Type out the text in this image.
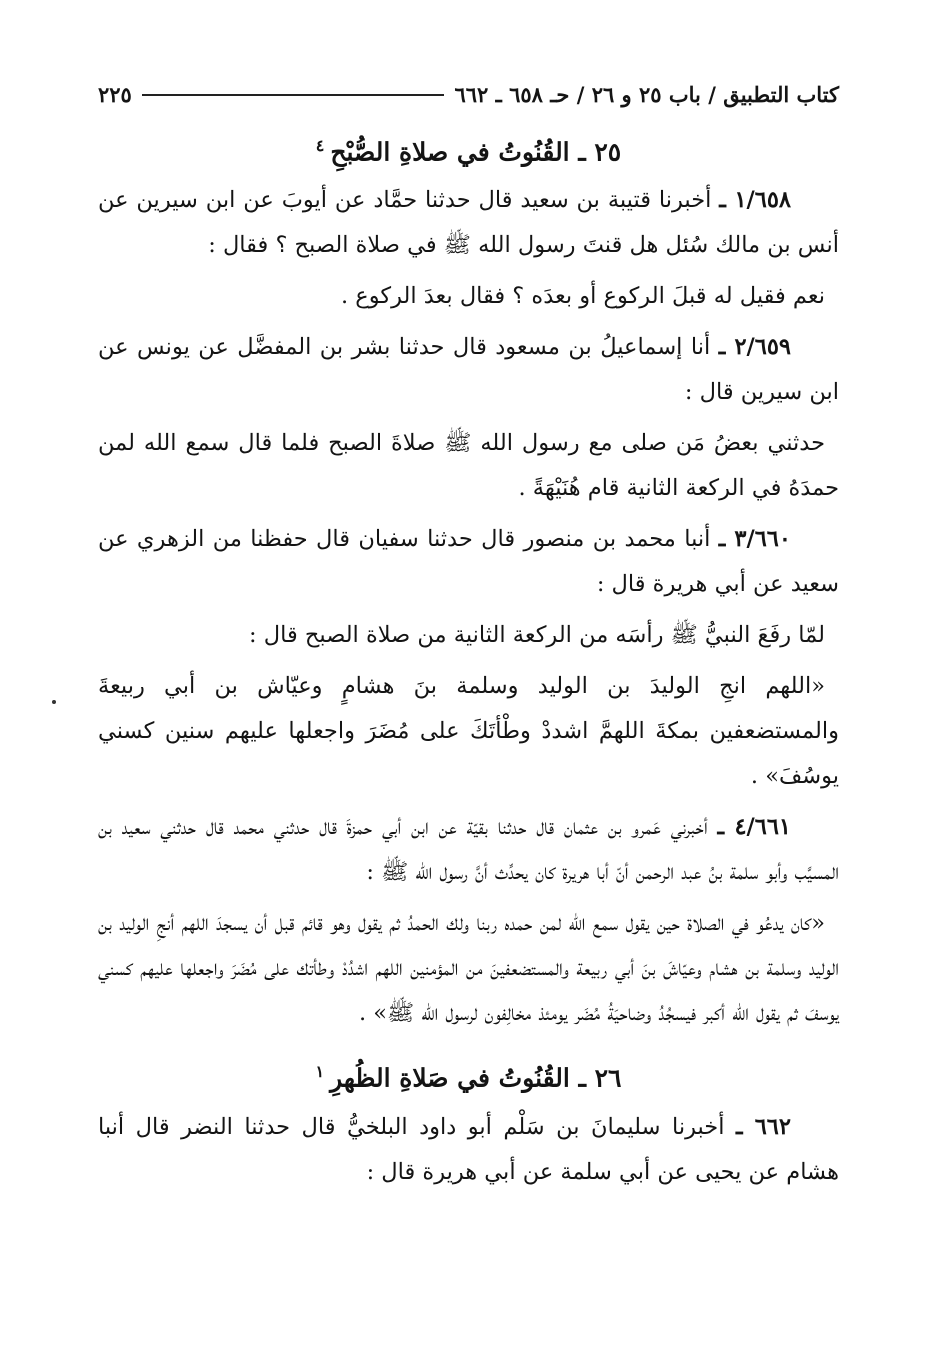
كتاب التطبيق / باب ٢٥ و ٢٦ / حـ ٦٥٨ ـ ٦٦٢
٢٢٥
٢٥ ـ القُنُوتُ في صلاةِ الصُّبْحِ$^٤$

١/٦٥٨ ـ أخبرنا قتيبة بن سعيد قال حدثنا حمَّاد عن أيوبَ عن ابن سيرين عن أنس بن مالك سُئل هل قنتَ رسول الله ﷺ في صلاة الصبح ؟ فقال :

نعم فقيل له قبلَ الركوع أو بعدَه ؟ فقال بعدَ الركوع .

٢/٦٥٩ ـ أنا إسماعيلُ بن مسعود قال حدثنا بشر بن المفضَّل عن يونس عن ابن سيرين قال :

حدثني بعضُ مَن صلى مع رسول الله ﷺ صلاةَ الصبح فلما قال سمع الله لمن حمدَهُ في الركعة الثانية قام هُنَيْهَةً .

٣/٦٦٠ ـ أنبا محمد بن منصور قال حدثنا سفيان قال حفظنا من الزهري عن سعيد عن أبي هريرة قال :

لمّا رفَعَ النبيُّ ﷺ رأسَه من الركعة الثانية من صلاة الصبح قال :

«اللهم انجِ الوليدَ بن الوليد وسلمة بنَ هشامٍ وعيّاش بن أبي ربيعةَ والمستضعفين بمكةَ اللهمَّ اشددْ وطْأتَكَ على مُضَرَ واجعلها عليهم سنين كسني يوسُفَ» .

٤/٦٦١ ـ أخبرني عَمرو بن عثمان قال حدثنا بقيّة عن ابن أبي حمزةَ قال حدثني محمد قال حدثني سعيد بن المسيَّب وأبو سلمة بنُ عبد الرحمن أنّ أبا هريرة كان يحدِّث أنَّ رسول الله ﷺ :

«كان يدعُو في الصلاة حين يقول سمع الله لمن حمده ربنا ولك الحمدُ ثم يقول وهو قائم قبل أن يسجدَ اللهم أنجِ الوليد بن الوليد وسلمة بن هشام وعيّاشَ بنَ أبي ربيعة والمستضعفينَ من المؤمنين اللهم اشدُدْ وطأتك على مُضَرَ واجعلها عليهم كسني يوسفَ ثم يقول الله أكبر فيسجُدُ وضاحيَةُ مُضَر يومئذ مخالِفون لرسول الله ﷺ» .

٢٦ ـ القُنُوتُ في صَلاةِ الظُهرِ$^١$

٦٦٢ ـ أخبرنا سليمانَ بن سَلْم أبو داود البلخيُّ قال حدثنا النضر قال أنبا هشام عن يحيى عن أبي سلمة عن أبي هريرة قال :
